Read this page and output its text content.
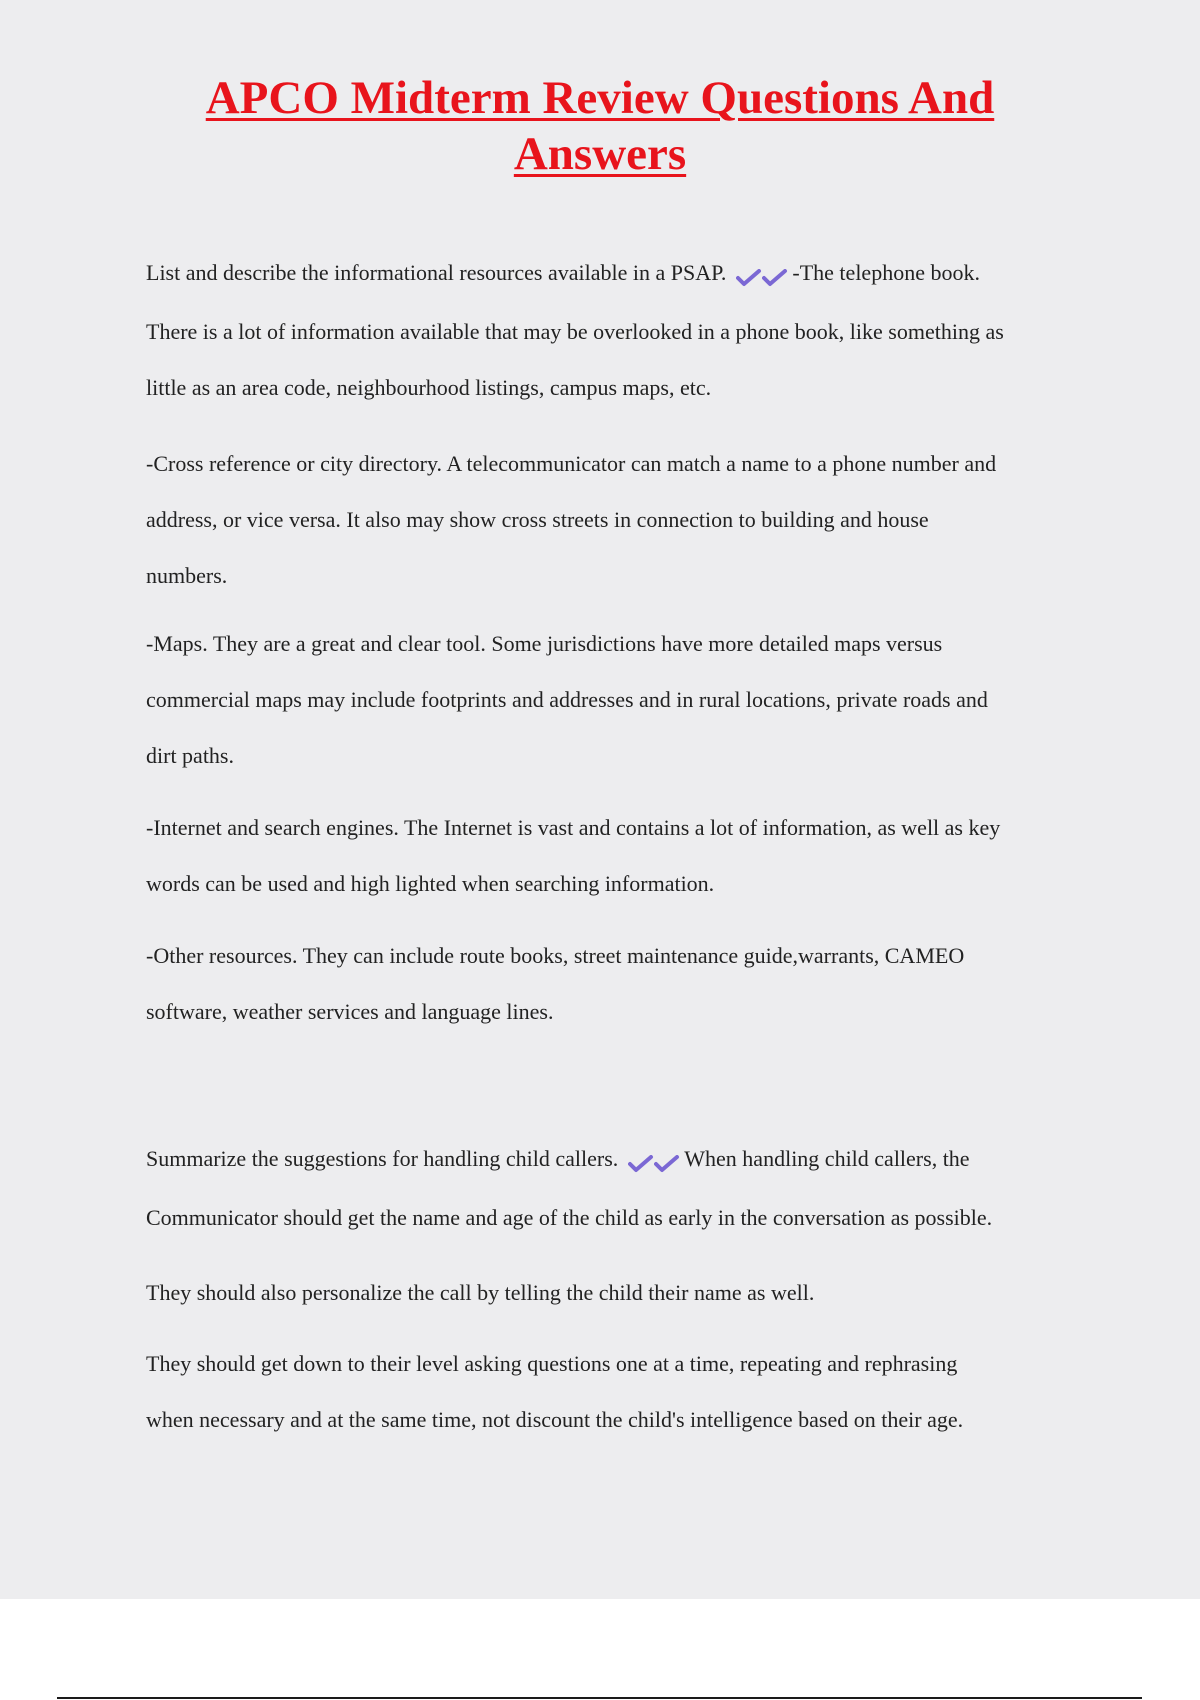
APCO Midterm Review Questions And
Answers
List and describe the informational resources available in a PSAP.	-The telephone book.
There is a lot of information available that may be overlooked in a phone book, like something as
little as an area code, neighbourhood listings, campus maps, etc.
-Cross reference or city directory. A telecommunicator can match a name to a phone number and
address, or vice versa. It also may show cross streets in connection to building and house
numbers.
-Maps. They are a great and clear tool. Some jurisdictions have more detailed maps versus
commercial maps may include footprints and addresses and in rural locations, private roads and
dirt paths.
-Internet and search engines. The Internet is vast and contains a lot of information, as well as key
words can be used and high lighted when searching information.
-Other resources. They can include route books, street maintenance guide,warrants, CAMEO
software, weather services and language lines.
Summarize the suggestions for handling child callers.	When handling child callers, the
Communicator should get the name and age of the child as early in the conversation as possible.
They should also personalize the call by telling the child their name as well.
They should get down to their level asking questions one at a time, repeating and rephrasing
when necessary and at the same time, not discount the child's intelligence based on their age.
